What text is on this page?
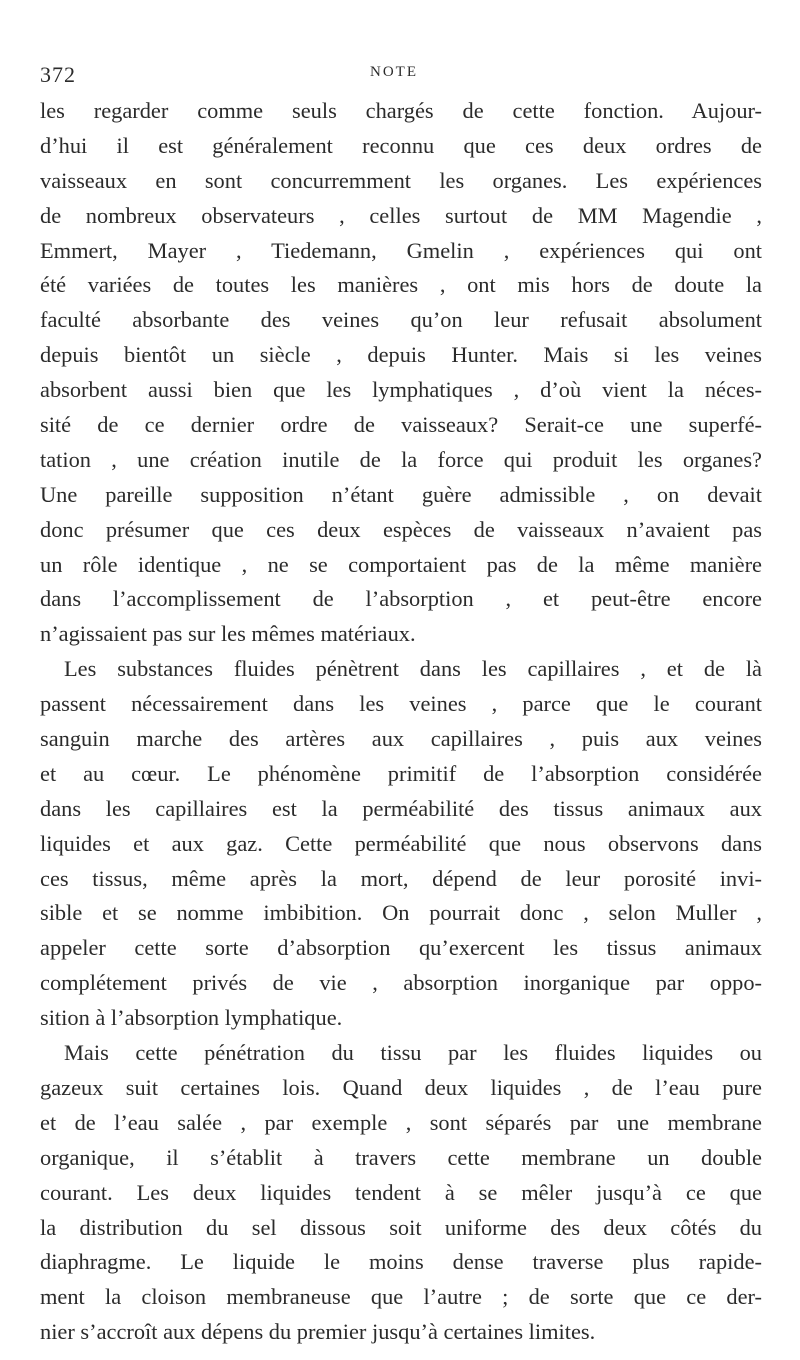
372	NOTE
les regarder comme seuls chargés de cette fonction. Aujour-
d’hui il est généralement reconnu que ces deux ordres de
vaisseaux en sont concurremment les organes. Les expériences
de nombreux observateurs , celles surtout de MM Magendie ,
Emmert, Mayer , Tiedemann, Gmelin , expériences qui ont
été variées de toutes les manières , ont mis hors de doute la
faculté absorbante des veines qu’on leur refusait absolument
depuis bientôt un siècle , depuis Hunter. Mais si les veines
absorbent aussi bien que les lymphatiques , d’où vient la néces-
sité de ce dernier ordre de vaisseaux? Serait-ce une superfé-
tation , une création inutile de la force qui produit les organes?
Une pareille supposition n’étant guère admissible , on devait
donc présumer que ces deux espèces de vaisseaux n’avaient pas
un rôle identique , ne se comportaient pas de la même manière
dans l’accomplissement de l’absorption , et peut-être encore
n’agissaient pas sur les mêmes matériaux.
Les substances fluides pénètrent dans les capillaires , et de là
passent nécessairement dans les veines , parce que le courant
sanguin marche des artères aux capillaires , puis aux veines
et au cœur. Le phénomène primitif de l’absorption considérée
dans les capillaires est la perméabilité des tissus animaux aux
liquides et aux gaz. Cette perméabilité que nous observons dans
ces tissus, même après la mort, dépend de leur porosité invi-
sible et se nomme imbibition. On pourrait donc , selon Muller ,
appeler cette sorte d’absorption qu’exercent les tissus animaux
complétement privés de vie , absorption inorganique par oppo-
sition à l’absorption lymphatique.
Mais cette pénétration du tissu par les fluides liquides ou
gazeux suit certaines lois. Quand deux liquides , de l’eau pure
et de l’eau salée , par exemple , sont séparés par une membrane
organique, il s’établit à travers cette membrane un double
courant. Les deux liquides tendent à se mêler jusqu’à ce que
la distribution du sel dissous soit uniforme des deux côtés du
diaphragme. Le liquide le moins dense traverse plus rapide-
ment la cloison membraneuse que l’autre ; de sorte que ce der-
nier s’accroît aux dépens du premier jusqu’à certaines limites.
